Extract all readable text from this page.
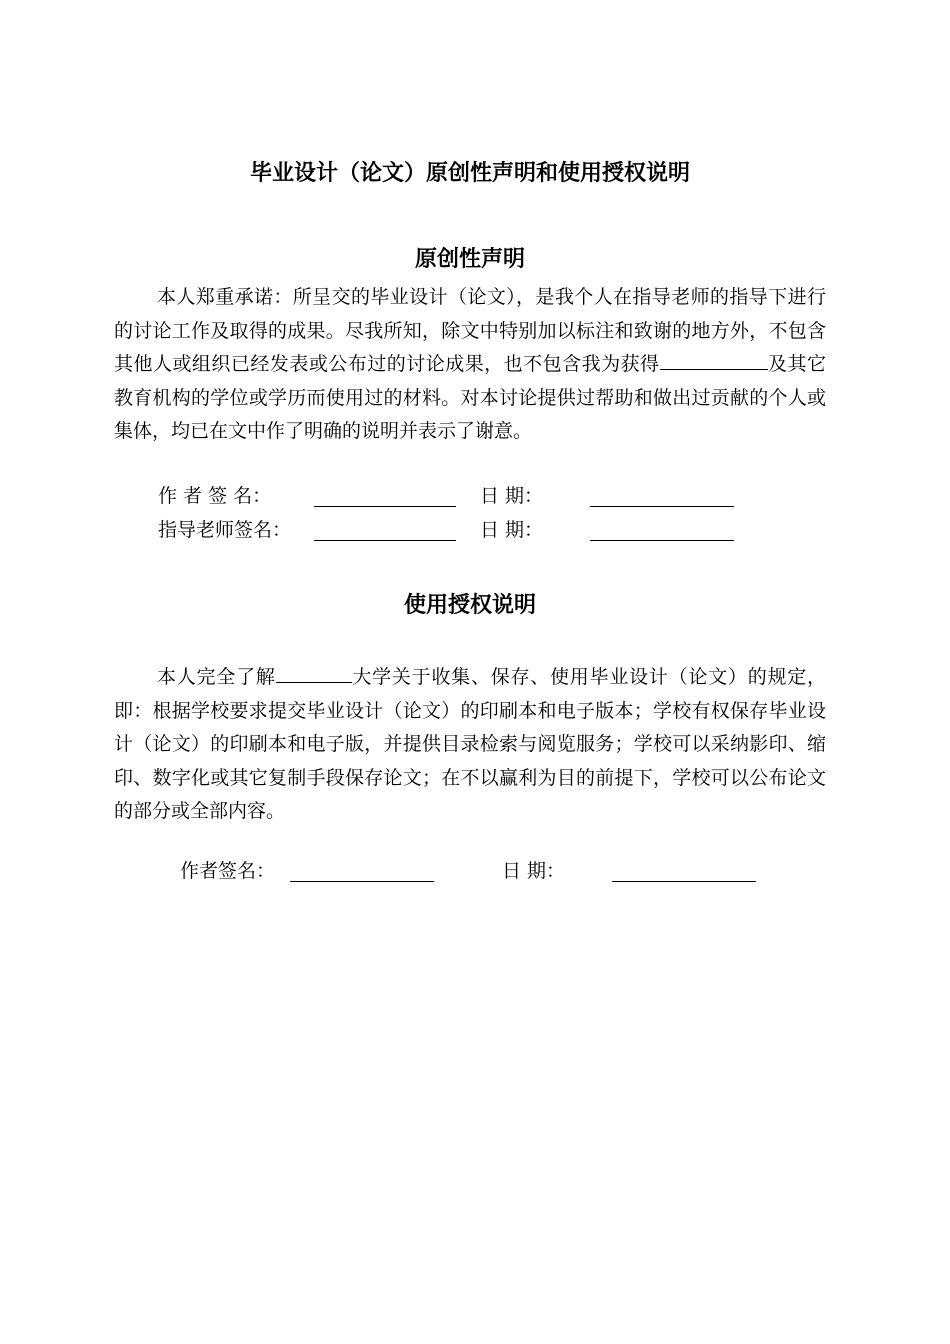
毕业设计（论文）原创性声明和使用授权说明
原创性声明

本人郑重承诺：所呈交的毕业设计（论文），是我个人在指导老师的指导下进行的讨论工作及取得的成果。尽我所知，除文中特别加以标注和致谢的地方外，不包含其他人或组织已经发表或公布过的讨论成果，也不包含我为获得	及其它教育机构的学位或学历而使用过的材料。对本讨论提供过帮助和做出过贡献的个人或集体，均已在文中作了明确的说明并表示了谢意。

作 者 签 名：	日 期：
指导老师签名：	日 期：
使用授权说明

本人完全了解	大学关于收集、保存、使用毕业设计（论文）的规定，即：根据学校要求提交毕业设计（论文）的印刷本和电子版本；学校有权保存毕业设计（论文）的印刷本和电子版，并提供目录检索与阅览服务；学校可以采纳影印、缩印、数字化或其它复制手段保存论文；在不以赢利为目的前提下，学校可以公布论文的部分或全部内容。

作者签名：	日 期：
